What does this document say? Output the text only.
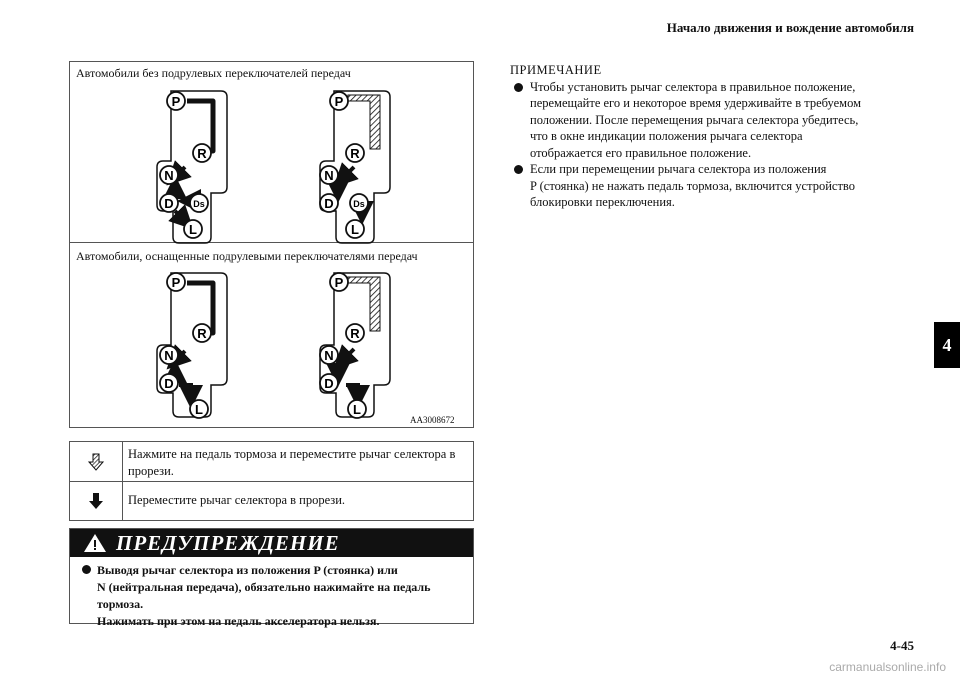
Начало движения и вождение автомобиля
4
Автомобили без подрулевых переключателей передач
Автомобили, оснащенные подрулевыми переключателями передач
AA3008672
P
R
N
D Ds
L
P
R
N
D Ds
L
P
R
N
D
L
P
R
N
D
L
Нажмите на педаль тормоза и переместите рычаг селектора в прорези.
Переместите рычаг селектора в прорези.
ПРЕДУПРЕЖДЕНИЕ
Выводя рычаг селектора из положения P (стоянка) или
N (нейтральная передача), обязательно нажимайте на педаль
тормоза.
Нажимать при этом на педаль акселератора нельзя.
ПРИМЕЧАНИЕ
Чтобы установить рычаг селектора в правильное положение,
перемещайте его и некоторое время удерживайте в требуемом
положении. После перемещения рычага селектора убедитесь,
что в окне индикации положения рычага селектора
отображается его правильное положение.
Если при перемещении рычага селектора из положения
P (стоянка) не нажать педаль тормоза, включится устройство
блокировки переключения.
4-45
carmanualsonline.info
